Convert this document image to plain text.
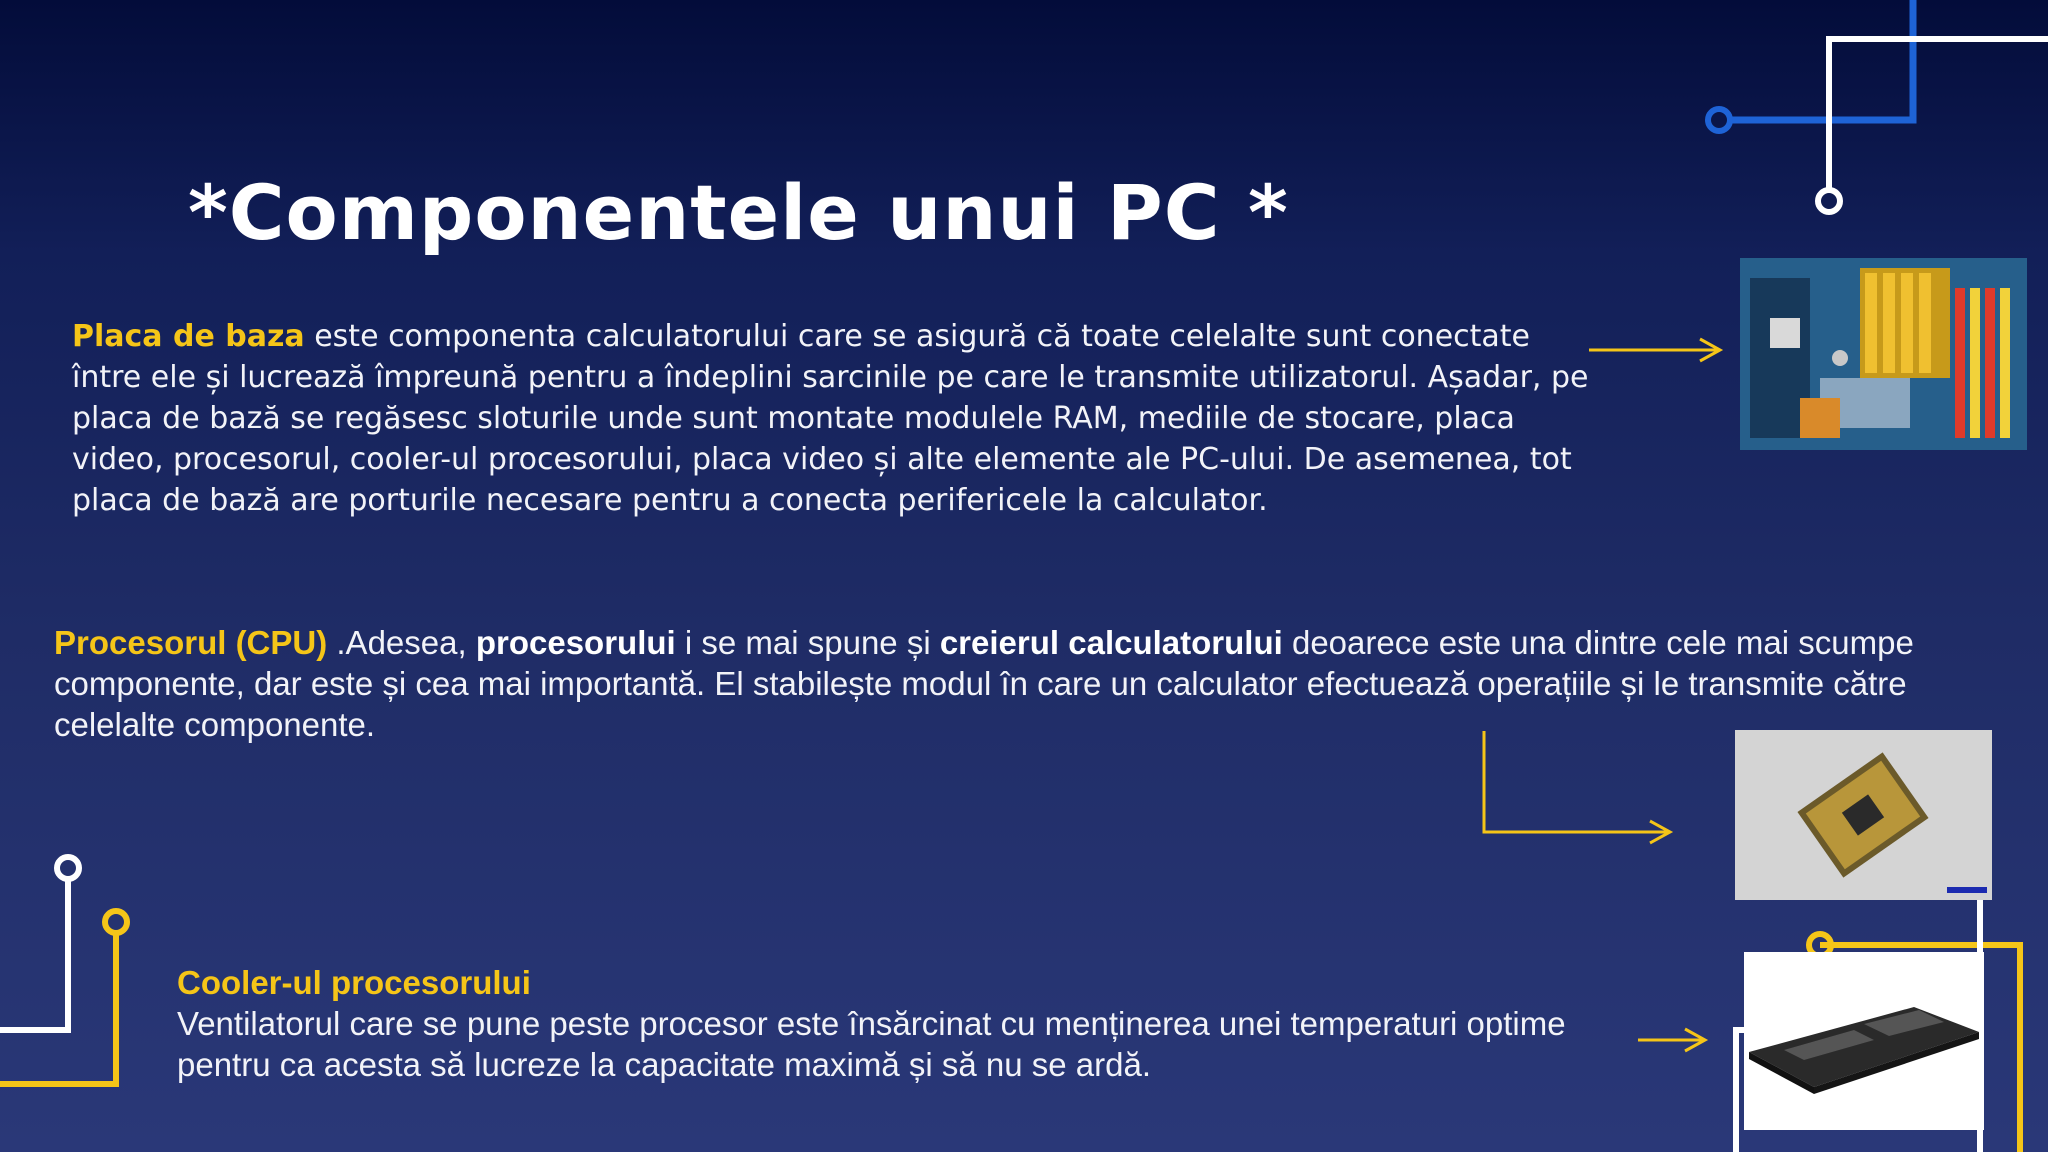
*Componentele unui PC *

Placa de baza este componenta calculatorului care se asigură că toate celelalte sunt conectate între ele și lucrează împreună pentru a îndeplini sarcinile pe care le transmite utilizatorul. Așadar, pe placa de bază se regăsesc sloturile unde sunt montate modulele RAM, mediile de stocare, placa video, procesorul, cooler-ul procesorului, placa video și alte elemente ale PC-ului. De asemenea, tot placa de bază are porturile necesare pentru a conecta perifericele la calculator.

Procesorul (CPU) .Adesea, procesorului i se mai spune și creierul calculatorului deoarece este una dintre cele mai scumpe componente, dar este și cea mai importantă. El stabilește modul în care un calculator efectuează operațiile și le transmite către celelalte componente.

Cooler-ul procesorului
Ventilatorul care se pune peste procesor este însărcinat cu menținerea unei temperaturi optime pentru ca acesta să lucreze la capacitate maximă și să nu se ardă.
